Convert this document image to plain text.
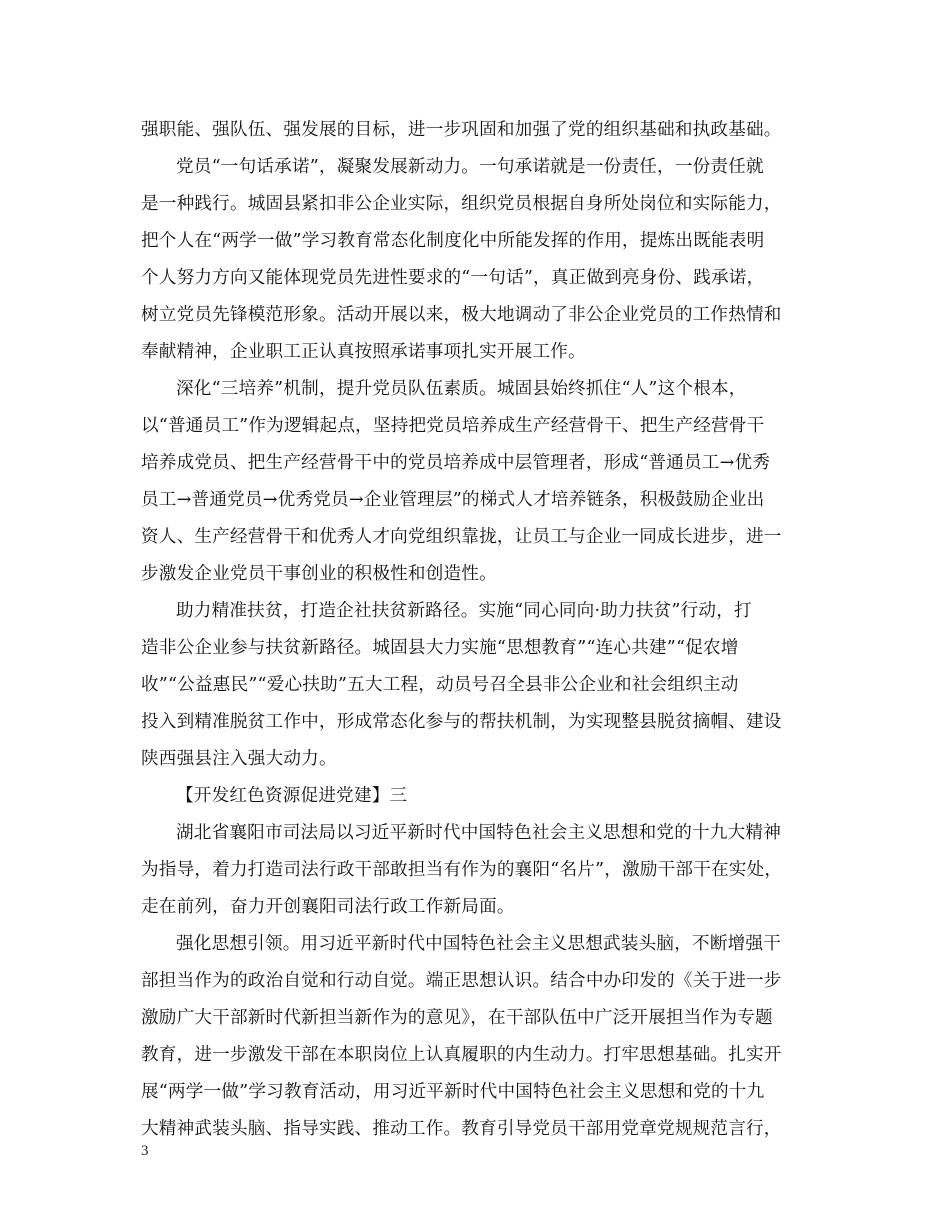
强职能、强队伍、强发展的目标，进一步巩固和加强了党的组织基础和执政基础。
党员“一句话承诺”，凝聚发展新动力。一句承诺就是一份责任，一份责任就
是一种践行。城固县紧扣非公企业实际，组织党员根据自身所处岗位和实际能力，
把个人在“两学一做”学习教育常态化制度化中所能发挥的作用，提炼出既能表明
个人努力方向又能体现党员先进性要求的“一句话”，真正做到亮身份、践承诺，
树立党员先锋模范形象。活动开展以来，极大地调动了非公企业党员的工作热情和
奉献精神，企业职工正认真按照承诺事项扎实开展工作。
深化“三培养”机制，提升党员队伍素质。城固县始终抓住“人”这个根本，
以“普通员工”作为逻辑起点，坚持把党员培养成生产经营骨干、把生产经营骨干
培养成党员、把生产经营骨干中的党员培养成中层管理者，形成“普通员工→优秀
员工→普通党员→优秀党员→企业管理层”的梯式人才培养链条，积极鼓励企业出
资人、生产经营骨干和优秀人才向党组织靠拢，让员工与企业一同成长进步，进一
步激发企业党员干事创业的积极性和创造性。
助力精准扶贫，打造企社扶贫新路径。实施“同心同向·助力扶贫”行动，打
造非公企业参与扶贫新路径。城固县大力实施“思想教育”“连心共建”“促农增
收”“公益惠民”“爱心扶助”五大工程，动员号召全县非公企业和社会组织主动
投入到精准脱贫工作中，形成常态化参与的帮扶机制，为实现整县脱贫摘帽、建设
陕西强县注入强大动力。
【开发红色资源促进党建】三
湖北省襄阳市司法局以习近平新时代中国特色社会主义思想和党的十九大精神
为指导，着力打造司法行政干部敢担当有作为的襄阳“名片”，激励干部干在实处，
走在前列，奋力开创襄阳司法行政工作新局面。
强化思想引领。用习近平新时代中国特色社会主义思想武装头脑，不断增强干
部担当作为的政治自觉和行动自觉。端正思想认识。结合中办印发的《关于进一步
激励广大干部新时代新担当新作为的意见》，在干部队伍中广泛开展担当作为专题
教育，进一步激发干部在本职岗位上认真履职的内生动力。打牢思想基础。扎实开
展“两学一做”学习教育活动，用习近平新时代中国特色社会主义思想和党的十九
大精神武装头脑、指导实践、推动工作。教育引导党员干部用党章党规规范言行，
3
